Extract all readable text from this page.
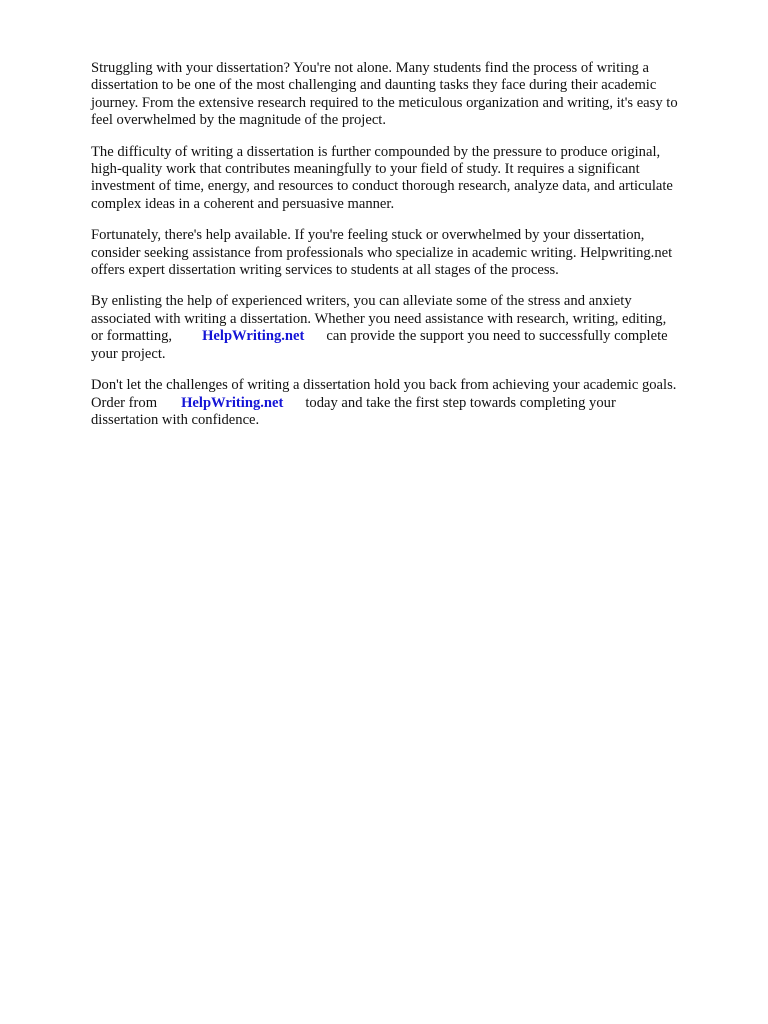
Struggling with your dissertation? You're not alone. Many students find the process of writing a
dissertation to be one of the most challenging and daunting tasks they face during their academic
journey. From the extensive research required to the meticulous organization and writing, it's easy to
feel overwhelmed by the magnitude of the project.

The difficulty of writing a dissertation is further compounded by the pressure to produce original,
high-quality work that contributes meaningfully to your field of study. It requires a significant
investment of time, energy, and resources to conduct thorough research, analyze data, and articulate
complex ideas in a coherent and persuasive manner.

Fortunately, there's help available. If you're feeling stuck or overwhelmed by your dissertation,
consider seeking assistance from professionals who specialize in academic writing. Helpwriting.net
offers expert dissertation writing services to students at all stages of the process.

By enlisting the help of experienced writers, you can alleviate some of the stress and anxiety
associated with writing a dissertation. Whether you need assistance with research, writing, editing,
or formatting, HelpWriting.net can provide the support you need to successfully complete
your project.

Don't let the challenges of writing a dissertation hold you back from achieving your academic goals.
Order from HelpWriting.net today and take the first step towards completing your
dissertation with confidence.
